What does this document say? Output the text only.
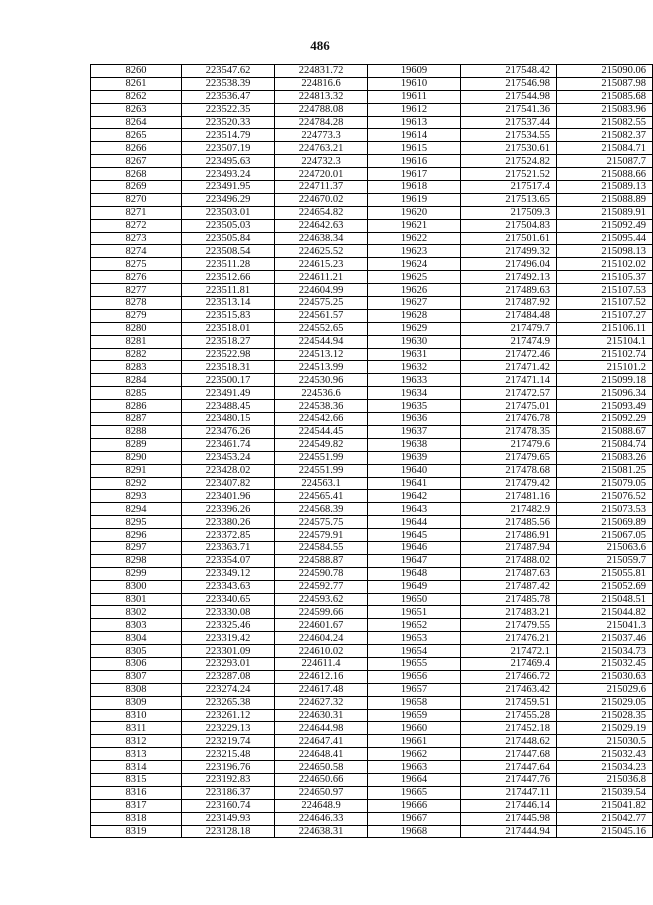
486
8260	223547.62	224831.72	19609	217548.42	215090.06
8261	223538.39	224816.6	19610	217546.98	215087.98
8262	223536.47	224813.32	19611	217544.98	215085.68
8263	223522.35	224788.08	19612	217541.36	215083.96
8264	223520.33	224784.28	19613	217537.44	215082.55
8265	223514.79	224773.3	19614	217534.55	215082.37
8266	223507.19	224763.21	19615	217530.61	215084.71
8267	223495.63	224732.3	19616	217524.82	215087.7
8268	223493.24	224720.01	19617	217521.52	215088.66
8269	223491.95	224711.37	19618	217517.4	215089.13
8270	223496.29	224670.02	19619	217513.65	215088.89
8271	223503.01	224654.82	19620	217509.3	215089.91
8272	223505.03	224642.63	19621	217504.83	215092.49
8273	223505.84	224638.34	19622	217501.61	215095.44
8274	223508.54	224625.52	19623	217499.32	215098.13
8275	223511.28	224615.23	19624	217496.04	215102.02
8276	223512.66	224611.21	19625	217492.13	215105.37
8277	223511.81	224604.99	19626	217489.63	215107.53
8278	223513.14	224575.25	19627	217487.92	215107.52
8279	223515.83	224561.57	19628	217484.48	215107.27
8280	223518.01	224552.65	19629	217479.7	215106.11
8281	223518.27	224544.94	19630	217474.9	215104.1
8282	223522.98	224513.12	19631	217472.46	215102.74
8283	223518.31	224513.99	19632	217471.42	215101.2
8284	223500.17	224530.96	19633	217471.14	215099.18
8285	223491.49	224536.6	19634	217472.57	215096.34
8286	223488.45	224538.36	19635	217475.01	215093.49
8287	223480.15	224542.66	19636	217476.78	215092.29
8288	223476.26	224544.45	19637	217478.35	215088.67
8289	223461.74	224549.82	19638	217479.6	215084.74
8290	223453.24	224551.99	19639	217479.65	215083.26
8291	223428.02	224551.99	19640	217478.68	215081.25
8292	223407.82	224563.1	19641	217479.42	215079.05
8293	223401.96	224565.41	19642	217481.16	215076.52
8294	223396.26	224568.39	19643	217482.9	215073.53
8295	223380.26	224575.75	19644	217485.56	215069.89
8296	223372.85	224579.91	19645	217486.91	215067.05
8297	223363.71	224584.55	19646	217487.94	215063.6
8298	223354.07	224588.87	19647	217488.02	215059.7
8299	223349.12	224590.78	19648	217487.63	215055.81
8300	223343.63	224592.77	19649	217487.42	215052.69
8301	223340.65	224593.62	19650	217485.78	215048.51
8302	223330.08	224599.66	19651	217483.21	215044.82
8303	223325.46	224601.67	19652	217479.55	215041.3
8304	223319.42	224604.24	19653	217476.21	215037.46
8305	223301.09	224610.02	19654	217472.1	215034.73
8306	223293.01	224611.4	19655	217469.4	215032.45
8307	223287.08	224612.16	19656	217466.72	215030.63
8308	223274.24	224617.48	19657	217463.42	215029.6
8309	223265.38	224627.32	19658	217459.51	215029.05
8310	223261.12	224630.31	19659	217455.28	215028.35
8311	223229.13	224644.98	19660	217452.18	215029.19
8312	223219.74	224647.41	19661	217448.62	215030.5
8313	223215.48	224648.41	19662	217447.68	215032.43
8314	223196.76	224650.58	19663	217447.64	215034.23
8315	223192.83	224650.66	19664	217447.76	215036.8
8316	223186.37	224650.97	19665	217447.11	215039.54
8317	223160.74	224648.9	19666	217446.14	215041.82
8318	223149.93	224646.33	19667	217445.98	215042.77
8319	223128.18	224638.31	19668	217444.94	215045.16
